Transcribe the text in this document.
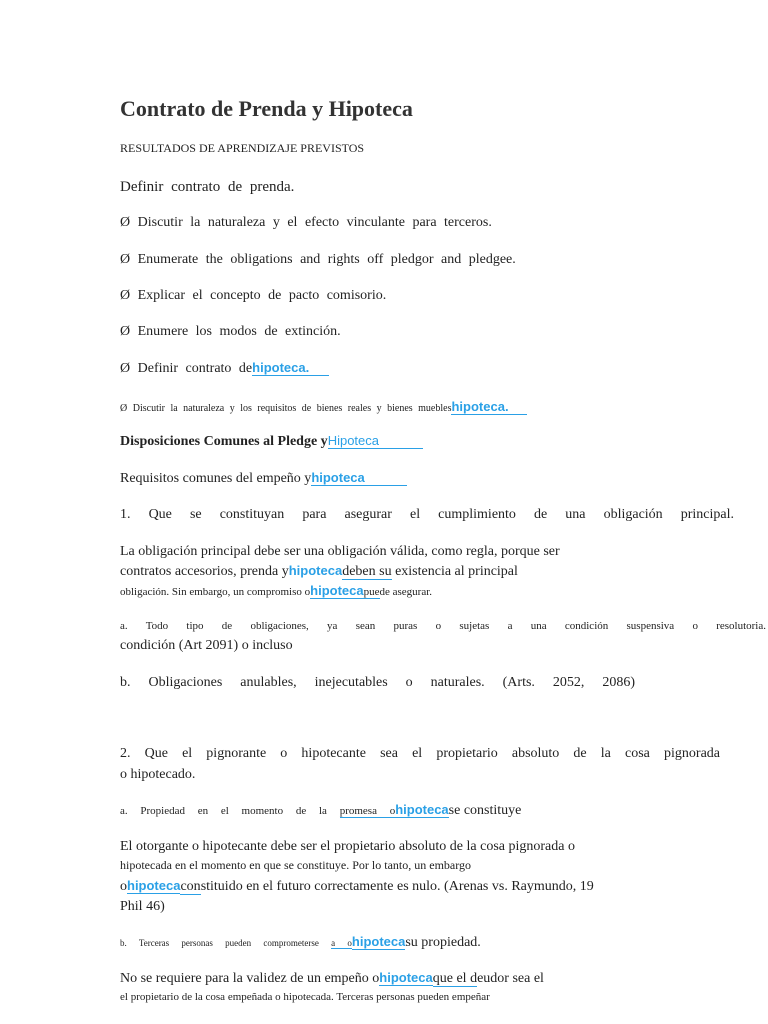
Contrato de Prenda y Hipoteca
RESULTADOS DE APRENDIZAJE PREVISTOS
Definir contrato de prenda.
Ø Discutir la naturaleza y el efecto vinculante para terceros.
Ø Enumerate the obligations and rights off pledgor and pledgee.
Ø Explicar el concepto de pacto comisorio.
Ø Enumere los modos de extinción.
Ø Definir contrato dehipoteca.
Ø Discutir la naturaleza y los requisitos de bienes reales y bienes muebleshipoteca.
Disposiciones Comunes al Pledge yHipoteca
Requisitos comunes del empeño yhipoteca
1. Que se constituyan para asegurar el cumplimiento de una obligación principal.
La obligación principal debe ser una obligación válida, como regla, porque ser
contratos accesorios, prenda yhipotecadeben su existencia al principal
obligación. Sin embargo, un compromiso ohipotecapuede asegurar.
a. Todo tipo de obligaciones, ya sean puras o sujetas a una condición suspensiva o resolutoria.
condición (Art 2091) o incluso
b. Obligaciones anulables, inejecutables o naturales. (Arts. 2052, 2086)
2. Que el pignorante o hipotecante sea el propietario absoluto de la cosa pignorada
o hipotecado.
a. Propiedad en el momento de la promesa ohipotecase constituye
El otorgante o hipotecante debe ser el propietario absoluto de la cosa pignorada o
hipotecada en el momento en que se constituye. Por lo tanto, un embargo
ohipotecaconstituido en el futuro correctamente es nulo. (Arenas vs. Raymundo, 19
Phil 46)
b. Terceras personas pueden comprometerse a ohipotecasu propiedad.
No se requiere para la validez de un empeño ohipotecaque el deudor sea el
el propietario de la cosa empeñada o hipotecada. Terceras personas pueden empeñar
